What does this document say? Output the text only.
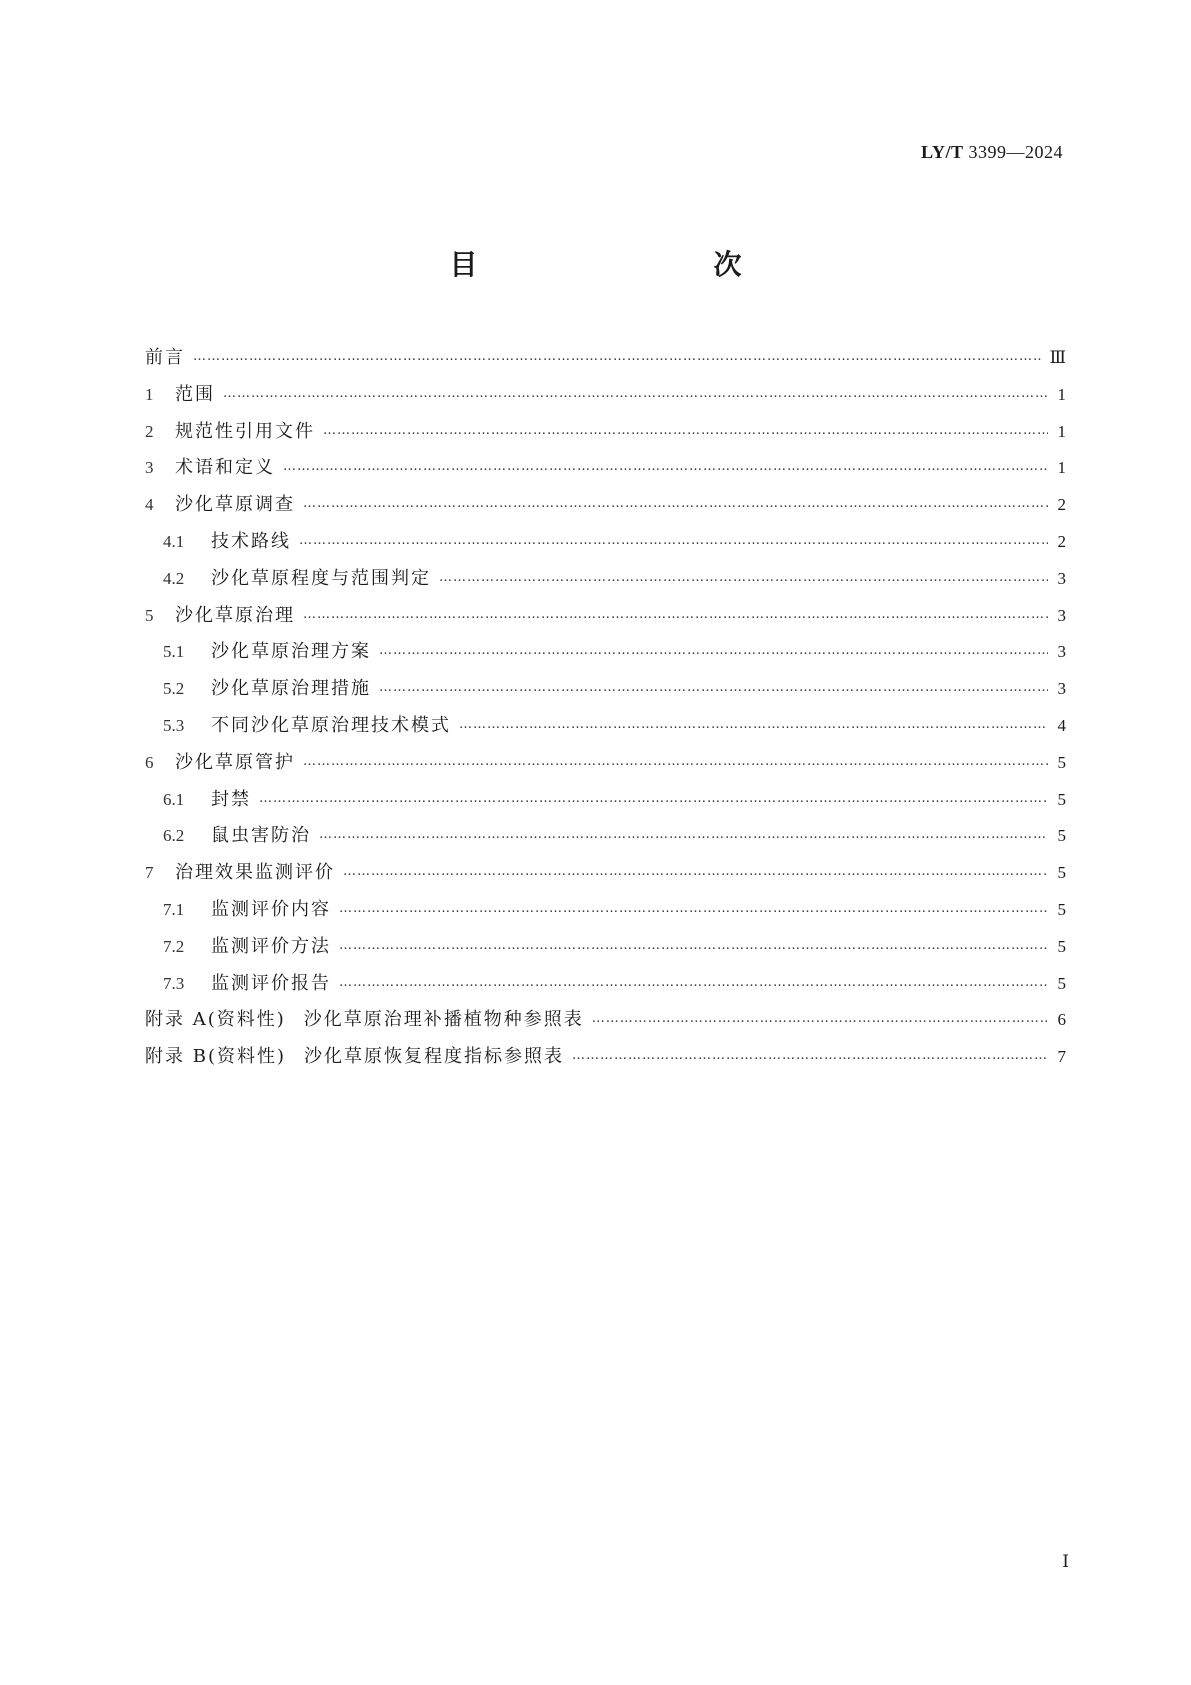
LY/T 3399—2024
目　　次
前言 ……………………………………………………………………………………………………………………………………………………………………………………………	Ⅲ
1	范围 ……………………………………………………………………………………………………………………………………………………………………………………………	1
2	规范性引用文件 ……………………………………………………………………………………………………………………………………………………………………………………………	1
3	术语和定义 ……………………………………………………………………………………………………………………………………………………………………………………………	1
4	沙化草原调查 ……………………………………………………………………………………………………………………………………………………………………………………………	2
4.1	技术路线 ……………………………………………………………………………………………………………………………………………………………………………………………	2
4.2	沙化草原程度与范围判定 ……………………………………………………………………………………………………………………………………………………………………………………………	3
5	沙化草原治理 ……………………………………………………………………………………………………………………………………………………………………………………………	3
5.1	沙化草原治理方案 ……………………………………………………………………………………………………………………………………………………………………………………………	3
5.2	沙化草原治理措施 ……………………………………………………………………………………………………………………………………………………………………………………………	3
5.3	不同沙化草原治理技术模式 ……………………………………………………………………………………………………………………………………………………………………………………………	4
6	沙化草原管护 ……………………………………………………………………………………………………………………………………………………………………………………………	5
6.1	封禁 ……………………………………………………………………………………………………………………………………………………………………………………………	5
6.2	鼠虫害防治 ……………………………………………………………………………………………………………………………………………………………………………………………	5
7	治理效果监测评价 ……………………………………………………………………………………………………………………………………………………………………………………………	5
7.1	监测评价内容 ……………………………………………………………………………………………………………………………………………………………………………………………	5
7.2	监测评价方法 ……………………………………………………………………………………………………………………………………………………………………………………………	5
7.3	监测评价报告 ……………………………………………………………………………………………………………………………………………………………………………………………	5
附录 A(资料性) 沙化草原治理补播植物种参照表 ……………………………………………………………………………………………………………………………………………………………………………………………	6
附录 B(资料性) 沙化草原恢复程度指标参照表 ……………………………………………………………………………………………………………………………………………………………………………………………	7
Ⅰ
